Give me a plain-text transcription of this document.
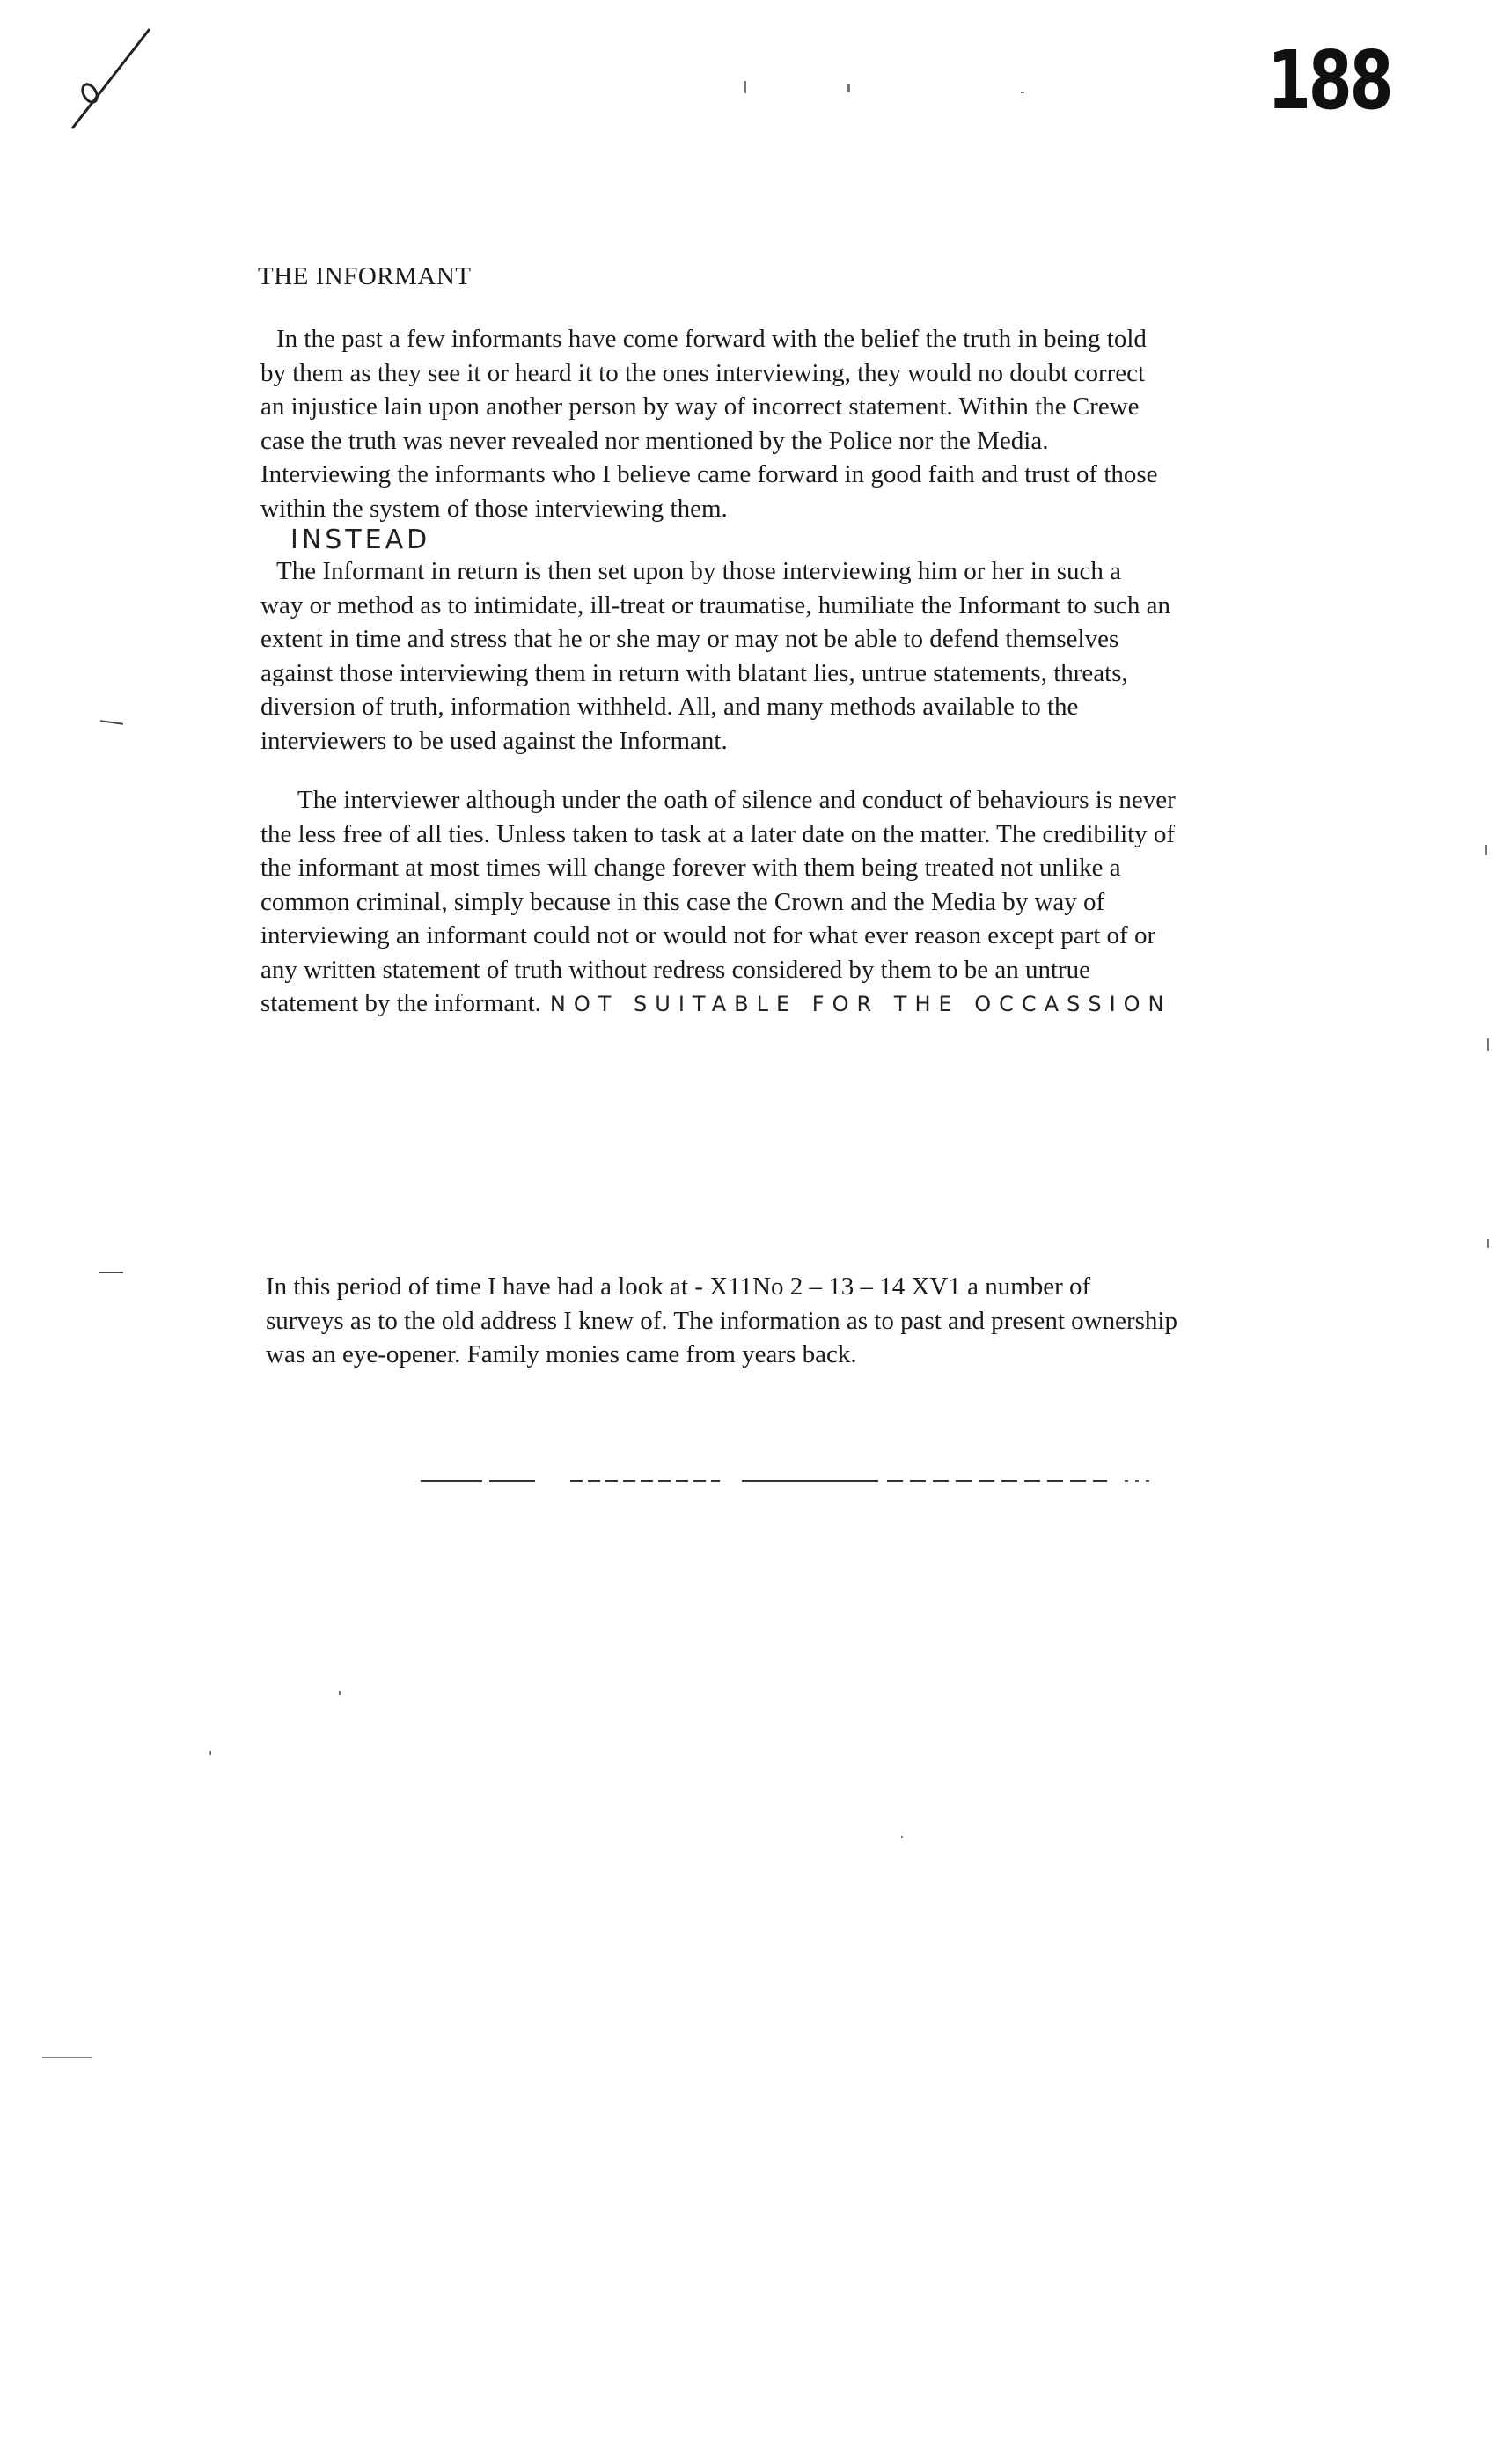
188
THE INFORMANT
In the past a few informants have come forward with the belief the truth in being told
by them as they see it or heard it to the ones interviewing, they would no doubt correct
an injustice lain upon another person by way of incorrect statement. Within the Crewe
case the truth was never revealed nor mentioned by the Police nor the Media.
Interviewing the informants who I believe came forward in good faith and trust of those
within the system of those interviewing them.
INSTEAD
The Informant in return is then set upon by those interviewing him or her in such a
way or method as to intimidate, ill-treat or traumatise, humiliate the Informant to such an
extent in time and stress that he or she may or may not be able to defend themselves
against those interviewing them in return with blatant lies, untrue statements, threats,
diversion of truth, information withheld. All, and many methods available to the
interviewers to be used against the Informant.
The interviewer although under the oath of silence and conduct of behaviours is never
the less free of all ties. Unless taken to task at a later date on the matter. The credibility of
the informant at most times will change forever with them being treated not unlike a
common criminal, simply because in this case the Crown and the Media by way of
interviewing an informant could not or would not for what ever reason except part of or
any written statement of truth without redress considered by them to be an untrue
statement by the informant. NOT SUITABLE FOR THE OCCASSION
In this period of time I have had a look at - X11No 2 – 13 – 14 XV1 a number of
surveys as to the old address I knew of. The information as to past and present ownership
was an eye-opener. Family monies came from years back.
